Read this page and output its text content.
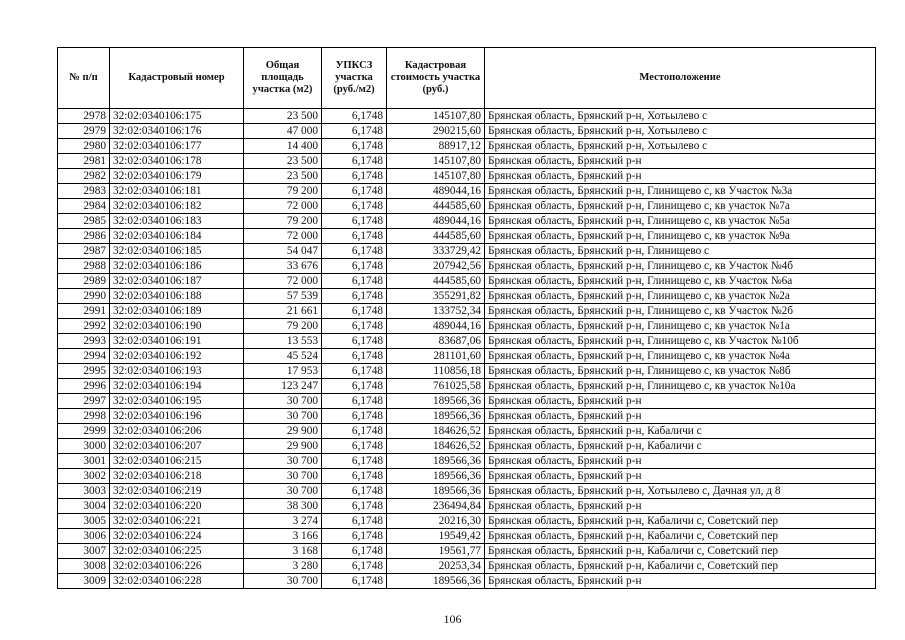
№ п/п	Кадастровый номер	Общая площадь участка (м2)	УПКСЗ участка (руб./м2)	Кадастровая стоимость участка (руб.)	Местоположение
2978	32:02:0340106:175	23 500	6,1748	145107,80	Брянская область, Брянский р-н, Хотьылево с
2979	32:02:0340106:176	47 000	6,1748	290215,60	Брянская область, Брянский р-н, Хотьылево с
2980	32:02:0340106:177	14 400	6,1748	88917,12	Брянская область, Брянский р-н, Хотьылево с
2981	32:02:0340106:178	23 500	6,1748	145107,80	Брянская область, Брянский р-н
2982	32:02:0340106:179	23 500	6,1748	145107,80	Брянская область, Брянский р-н
2983	32:02:0340106:181	79 200	6,1748	489044,16	Брянская область, Брянский р-н, Глинищево с, кв Участок №3а
2984	32:02:0340106:182	72 000	6,1748	444585,60	Брянская область, Брянский р-н, Глинищево с, кв участок №7а
2985	32:02:0340106:183	79 200	6,1748	489044,16	Брянская область, Брянский р-н, Глинищево с, кв участок №5а
2986	32:02:0340106:184	72 000	6,1748	444585,60	Брянская область, Брянский р-н, Глинищево с, кв участок №9а
2987	32:02:0340106:185	54 047	6,1748	333729,42	Брянская область, Брянский р-н, Глинищево с
2988	32:02:0340106:186	33 676	6,1748	207942,56	Брянская область, Брянский р-н, Глинищево с, кв Участок №4б
2989	32:02:0340106:187	72 000	6,1748	444585,60	Брянская область, Брянский р-н, Глинищево с, кв Участок №6а
2990	32:02:0340106:188	57 539	6,1748	355291,82	Брянская область, Брянский р-н, Глинищево с, кв участок №2а
2991	32:02:0340106:189	21 661	6,1748	133752,34	Брянская область, Брянский р-н, Глинищево с, кв Участок №2б
2992	32:02:0340106:190	79 200	6,1748	489044,16	Брянская область, Брянский р-н, Глинищево с, кв участок №1а
2993	32:02:0340106:191	13 553	6,1748	83687,06	Брянская область, Брянский р-н, Глинищево с, кв Участок №10б
2994	32:02:0340106:192	45 524	6,1748	281101,60	Брянская область, Брянский р-н, Глинищево с, кв участок №4а
2995	32:02:0340106:193	17 953	6,1748	110856,18	Брянская область, Брянский р-н, Глинищево с, кв участок №8б
2996	32:02:0340106:194	123 247	6,1748	761025,58	Брянская область, Брянский р-н, Глинищево с, кв участок №10а
2997	32:02:0340106:195	30 700	6,1748	189566,36	Брянская область, Брянский р-н
2998	32:02:0340106:196	30 700	6,1748	189566,36	Брянская область, Брянский р-н
2999	32:02:0340106:206	29 900	6,1748	184626,52	Брянская область, Брянский р-н, Кабаличи с
3000	32:02:0340106:207	29 900	6,1748	184626,52	Брянская область, Брянский р-н, Кабаличи с
3001	32:02:0340106:215	30 700	6,1748	189566,36	Брянская область, Брянский р-н
3002	32:02:0340106:218	30 700	6,1748	189566,36	Брянская область, Брянский р-н
3003	32:02:0340106:219	30 700	6,1748	189566,36	Брянская область, Брянский р-н, Хотьылево с, Дачная ул, д 8
3004	32:02:0340106:220	38 300	6,1748	236494,84	Брянская область, Брянский р-н
3005	32:02:0340106:221	3 274	6,1748	20216,30	Брянская область, Брянский р-н, Кабаличи с, Советский пер
3006	32:02:0340106:224	3 166	6,1748	19549,42	Брянская область, Брянский р-н, Кабаличи с, Советский пер
3007	32:02:0340106:225	3 168	6,1748	19561,77	Брянская область, Брянский р-н, Кабаличи с, Советский пер
3008	32:02:0340106:226	3 280	6,1748	20253,34	Брянская область, Брянский р-н, Кабаличи с, Советский пер
3009	32:02:0340106:228	30 700	6,1748	189566,36	Брянская область, Брянский р-н
106
